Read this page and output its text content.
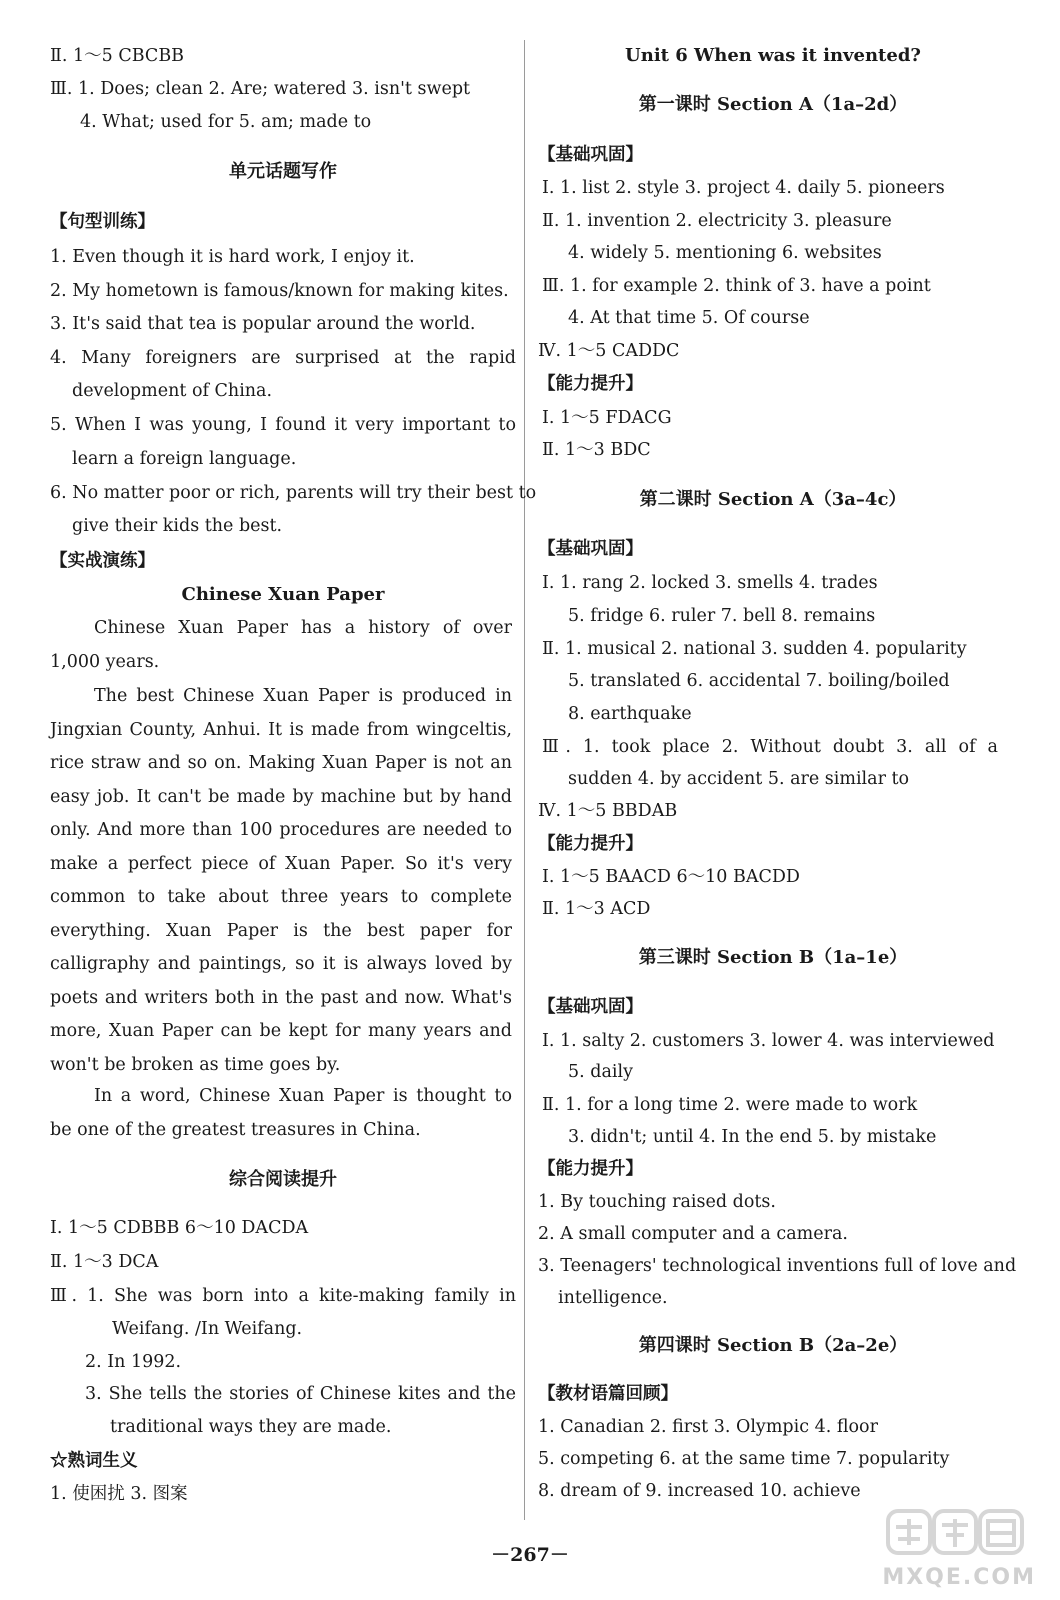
Ⅱ. 1～5 CBCBB
Ⅲ. 1. Does; clean 2. Are; watered 3. isn't swept
4. What; used for 5. am; made to
单元话题写作
【句型训练】
1. Even though it is hard work, I enjoy it.
2. My hometown is famous/known for making kites.
3. It's said that tea is popular around the world.
4. Many foreigners are surprised at the rapid
development of China.
5. When I was young, I found it very important to
learn a foreign language.
6. No matter poor or rich, parents will try their best to
give their kids the best.
【实战演练】
Chinese Xuan Paper
Chinese Xuan Paper has a history of over 1,000 years.
The best Chinese Xuan Paper is produced in Jingxian County, Anhui. It is made from wingceltis, rice straw and so on. Making Xuan Paper is not an easy job. It can't be made by machine but by hand only. And more than 100 procedures are needed to make a perfect piece of Xuan Paper. So it's very common to take about three years to complete everything. Xuan Paper is the best paper for calligraphy and paintings, so it is always loved by poets and writers both in the past and now. What's more, Xuan Paper can be kept for many years and won't be broken as time goes by.
In a word, Chinese Xuan Paper is thought to be one of the greatest treasures in China.
综合阅读提升
Ⅰ. 1～5 CDBBB 6～10 DACDA
Ⅱ. 1～3 DCA
Ⅲ. 1. She was born into a kite-making family in
Weifang. /In Weifang.
2. In 1992.
3. She tells the stories of Chinese kites and the
traditional ways they are made.
☆熟词生义
1. 使困扰 3. 图案
Unit 6 When was it invented?
第一课时 Section A（1a–2d）
【基础巩固】
Ⅰ. 1. list 2. style 3. project 4. daily 5. pioneers
Ⅱ. 1. invention 2. electricity 3. pleasure
4. widely 5. mentioning 6. websites
Ⅲ. 1. for example 2. think of 3. have a point
4. At that time 5. Of course
Ⅳ. 1～5 CADDC
【能力提升】
Ⅰ. 1～5 FDACG
Ⅱ. 1～3 BDC
第二课时 Section A（3a–4c）
【基础巩固】
Ⅰ. 1. rang 2. locked 3. smells 4. trades
5. fridge 6. ruler 7. bell 8. remains
Ⅱ. 1. musical 2. national 3. sudden 4. popularity
5. translated 6. accidental 7. boiling/boiled
8. earthquake
Ⅲ. 1. took place 2. Without doubt 3. all of a
sudden 4. by accident 5. are similar to
Ⅳ. 1～5 BBDAB
【能力提升】
Ⅰ. 1～5 BAACD 6～10 BACDD
Ⅱ. 1～3 ACD
第三课时 Section B（1a–1e）
【基础巩固】
Ⅰ. 1. salty 2. customers 3. lower 4. was interviewed
5. daily
Ⅱ. 1. for a long time 2. were made to work
3. didn't; until 4. In the end 5. by mistake
【能力提升】
1. By touching raised dots.
2. A small computer and a camera.
3. Teenagers' technological inventions full of love and
intelligence.
第四课时 Section B（2a–2e）
【教材语篇回顾】
1. Canadian 2. first 3. Olympic 4. floor
5. competing 6. at the same time 7. popularity
8. dream of 9. increased 10. achieve
－267－
MXQE.COM
